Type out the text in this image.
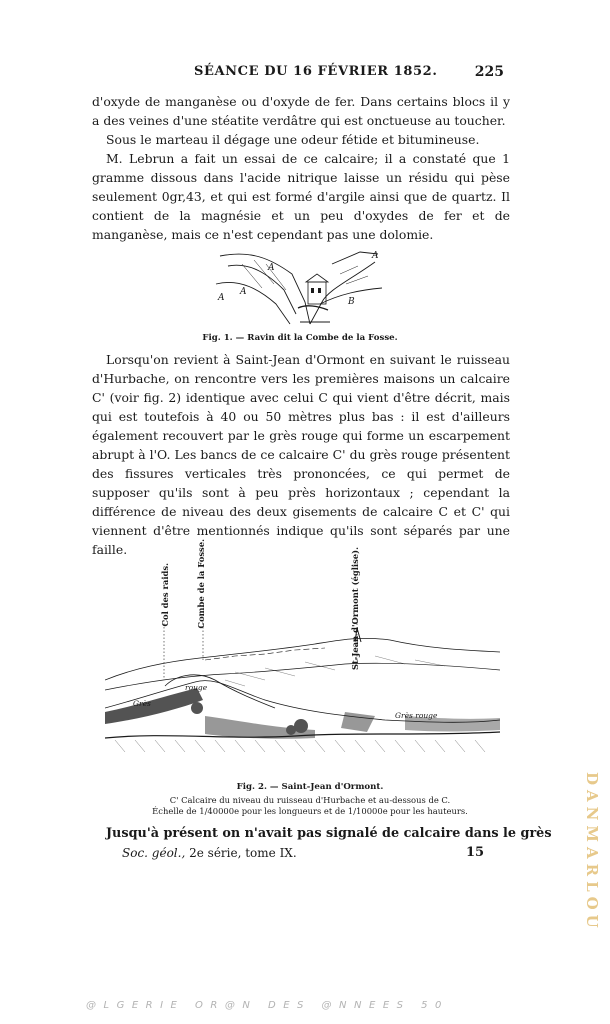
SÉANCE DU 16 FÉVRIER 1852.	225

d'oxyde de manganèse ou d'oxyde de fer. Dans certains blocs il y a des veines d'une stéatite verdâtre qui est onctueuse au toucher.

Sous le marteau il dégage une odeur fétide et bitumineuse.

M. Lebrun a fait un essai de ce calcaire; il a constaté que 1 gramme dissous dans l'acide nitrique laisse un résidu qui pèse seulement 0gr,43, et qui est formé d'argile ainsi que de quartz. Il contient de la magnésie et un peu d'oxydes de fer et de manganèse, mais ce n'est cependant pas une dolomie.

A
A
A
B
A
Fig. 1. — Ravin dit la Combe de la Fosse.

Lorsqu'on revient à Saint-Jean d'Ormont en suivant le ruisseau d'Hurbache, on rencontre vers les premières maisons un calcaire C' (voir fig. 2) identique avec celui C qui vient d'être décrit, mais qui est toutefois à 40 ou 50 mètres plus bas : il est d'ailleurs également recouvert par le grès rouge qui forme un escarpement abrupt à l'O. Les bancs de ce calcaire C' du grès rouge présentent des fissures verticales très prononcées, ce qui permet de supposer qu'ils sont à peu près horizontaux ; cependant la différence de niveau des deux gisements de calcaire C et C' qui viennent d'être mentionnés indique qu'ils sont séparés par une faille.

Col des raids.	Combe de la Fosse.	St-Jean d'Ormont (église).
rouge
Grès
Grès rouge
Fig. 2. — Saint-Jean d'Ormont.
C' Calcaire du niveau du ruisseau d'Hurbache et au-dessous de C.
Échelle de 1/40000e pour les longueurs et de 1/10000e pour les hauteurs.
Jusqu'à présent on n'avait pas signalé de calcaire dans le grès
Soc. géol., 2e série, tome IX.	15	DANMARLOU
@LGERIE OR@N DES @NNEES 50
